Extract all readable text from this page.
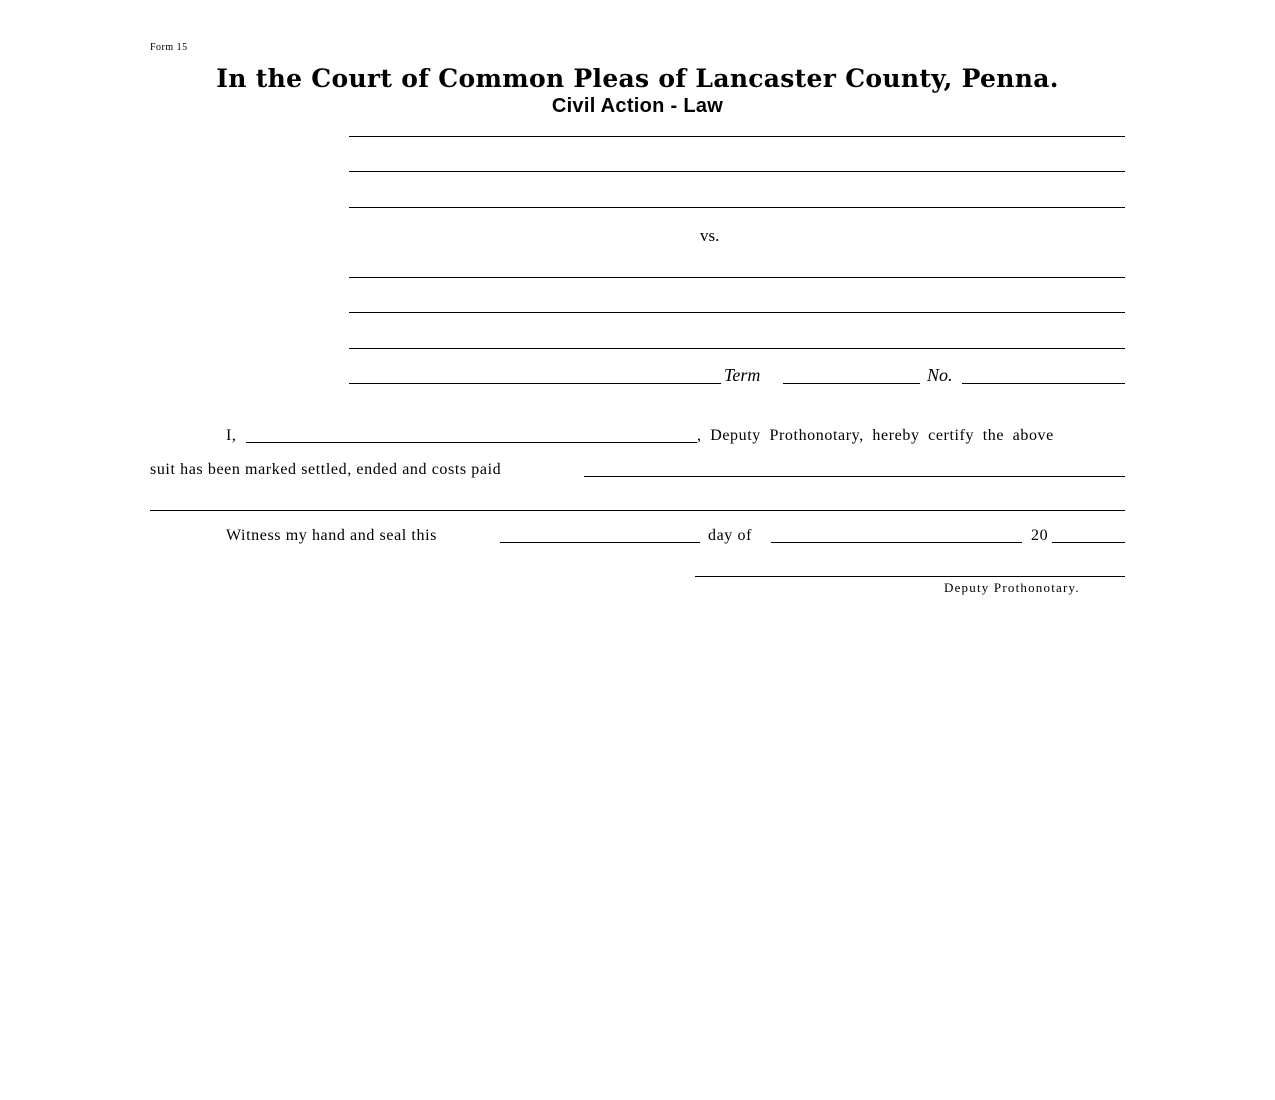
Form 15
In the Court of Common Pleas of Lancaster County, Penna.
Civil Action - Law
vs.
Term	No.
I,	, Deputy Prothonotary, hereby certify the above
suit has been marked settled, ended and costs paid
Witness my hand and seal this	day of	20
Deputy Prothonotary.
